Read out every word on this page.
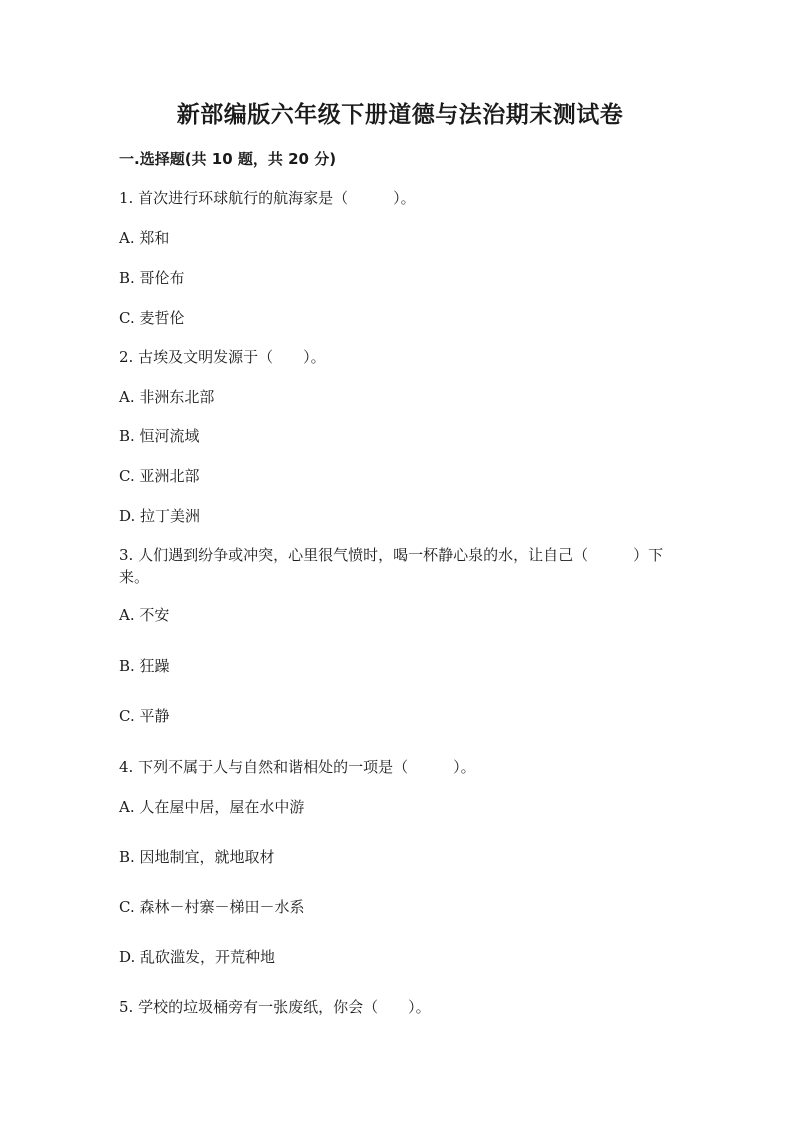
新部编版六年级下册道德与法治期末测试卷
一.选择题(共 10 题，共 20 分)
1. 首次进行环球航行的航海家是（　　　）。
A. 郑和
B. 哥伦布
C. 麦哲伦
2. 古埃及文明发源于（　　）。
A. 非洲东北部
B. 恒河流域
C. 亚洲北部
D. 拉丁美洲
3. 人们遇到纷争或冲突，心里很气愤时，喝一杯静心泉的水，让自己（　　　）下来。
A. 不安
B. 狂躁
C. 平静
4. 下列不属于人与自然和谐相处的一项是（　　　）。
A. 人在屋中居，屋在水中游
B. 因地制宜，就地取材
C. 森林－村寨－梯田－水系
D. 乱砍滥发，开荒种地
5. 学校的垃圾桶旁有一张废纸，你会（　　）。
